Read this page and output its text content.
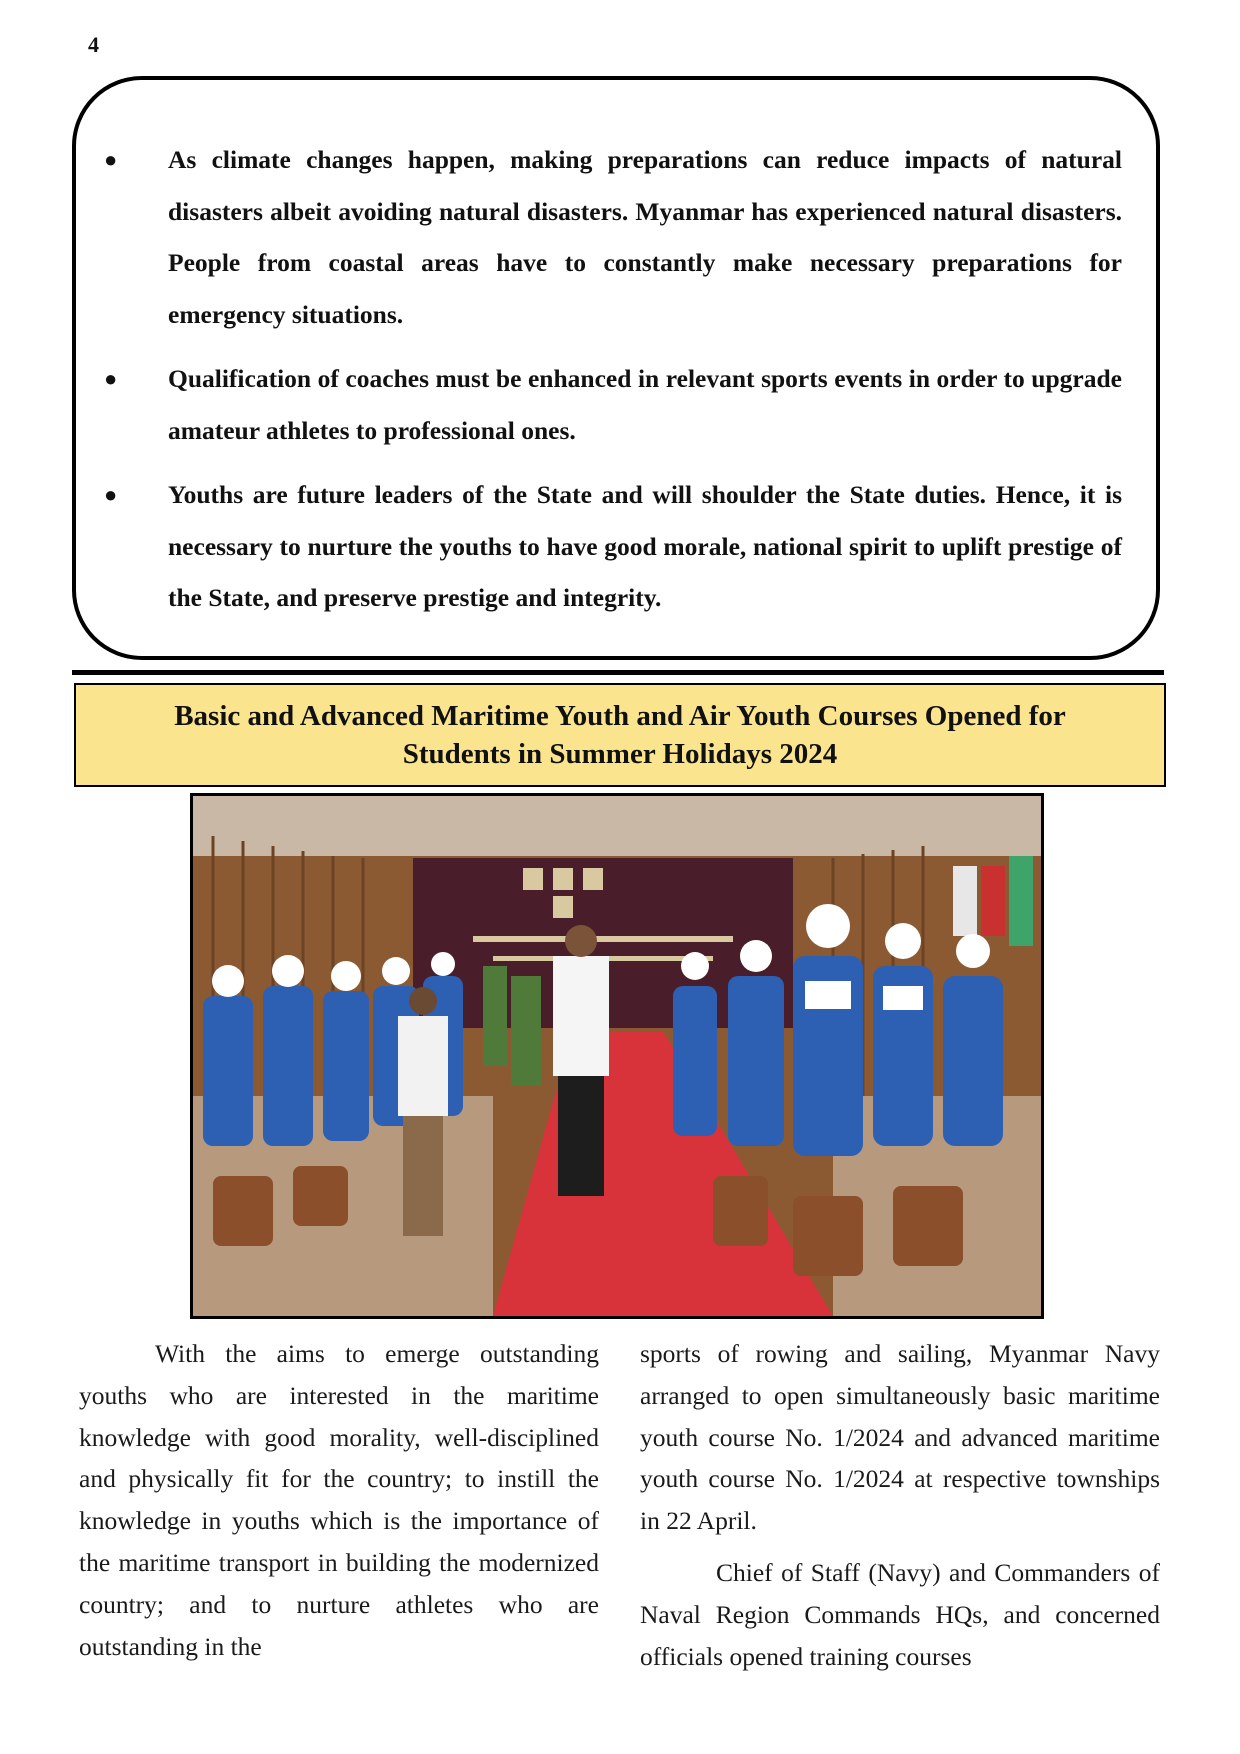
4
●	As climate changes happen, making preparations can reduce impacts of natural disasters albeit avoiding natural disasters. Myanmar has experienced natural disasters. People from coastal areas have to constantly make necessary preparations for emergency situations.
●	Qualification of coaches must be enhanced in relevant sports events in order to upgrade amateur athletes to professional ones.
●	Youths are future leaders of the State and will shoulder the State duties. Hence, it is necessary to nurture the youths to have good morale, national spirit to uplift prestige of the State, and preserve prestige and integrity.
Basic and Advanced Maritime Youth and Air Youth Courses Opened for
Students in Summer Holidays 2024

With the aims to emerge outstanding youths who are interested in the maritime knowledge with good morality, well-disciplined and physically fit for the country; to instill the knowledge in youths which is the importance of the maritime transport in building the modernized country; and to nurture athletes who are outstanding in the

sports of rowing and sailing, Myanmar Navy arranged to open simultaneously basic maritime youth course No. 1/2024 and advanced maritime youth course No. 1/2024 at respective townships in 22 April.

Chief of Staff (Navy) and Commanders of Naval Region Commands HQs, and concerned officials opened training courses
